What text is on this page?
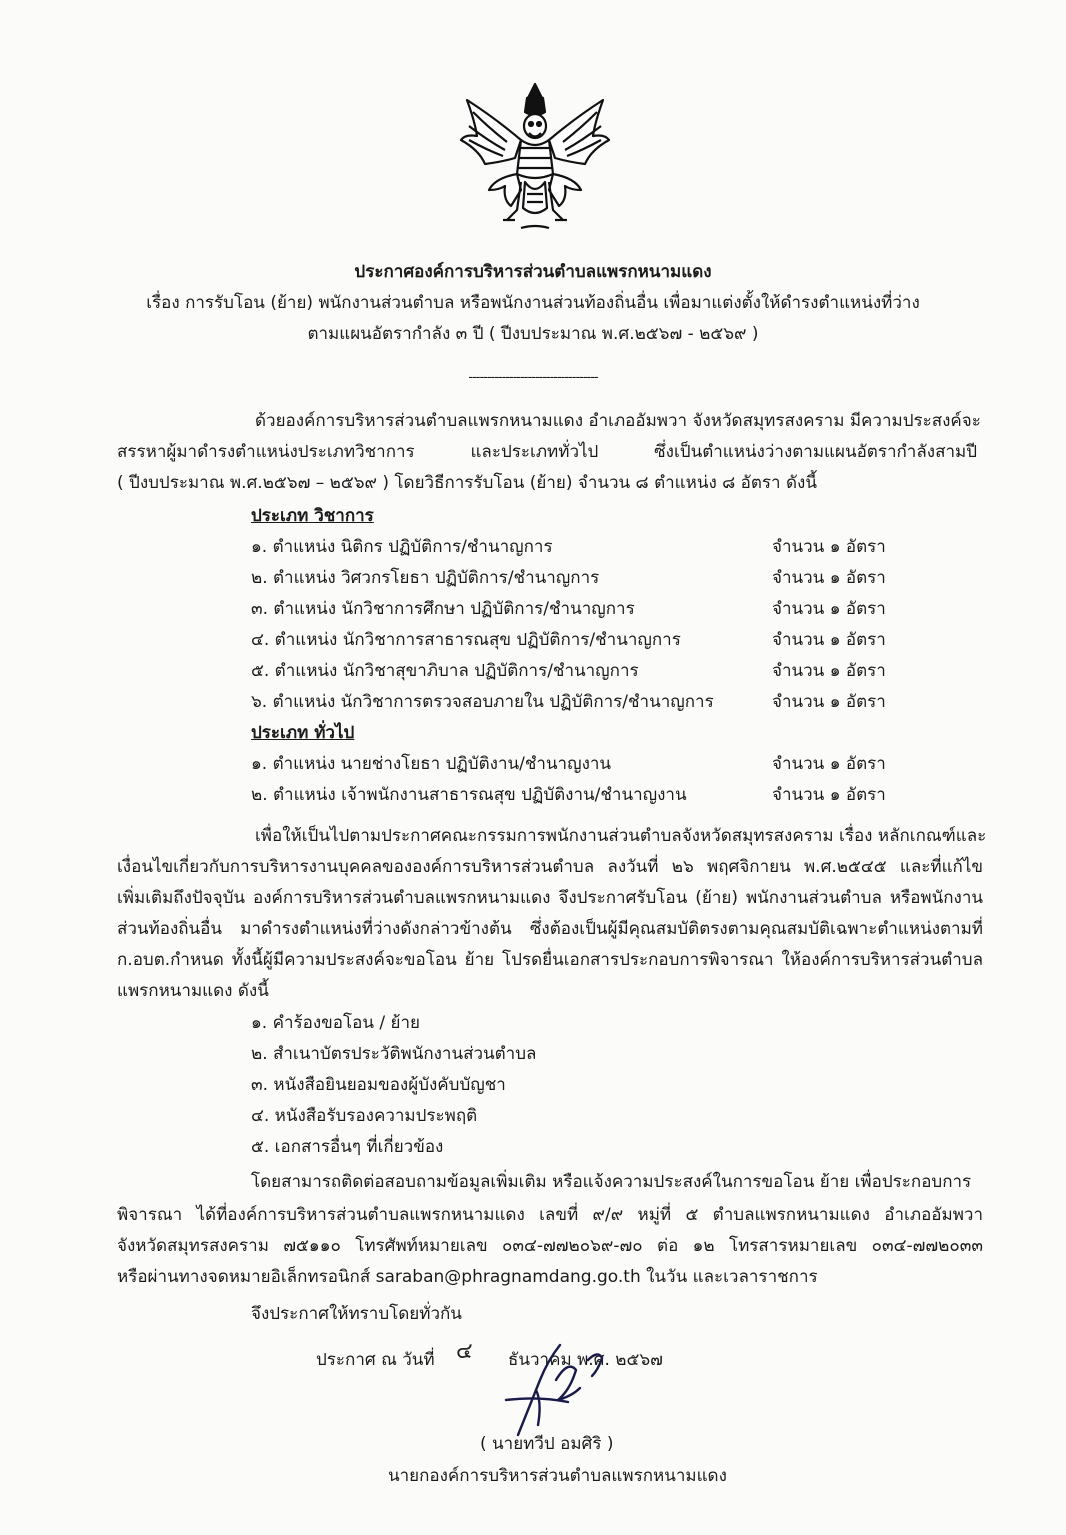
ประกาศองค์การบริหารส่วนตำบลแพรกหนามแดง
เรื่อง การรับโอน (ย้าย) พนักงานส่วนตำบล หรือพนักงานส่วนท้องถิ่นอื่น เพื่อมาแต่งตั้งให้ดำรงตำแหน่งที่ว่าง
ตามแผนอัตรากำลัง ๓ ปี ( ปีงบประมาณ พ.ศ.๒๕๖๗ - ๒๕๖๙ )
-----------------------------------
ด้วยองค์การบริหารส่วนตำบลแพรกหนามแดง อำเภออัมพวา จังหวัดสมุทรสงคราม มีความประสงค์จะ
สรรหาผู้มาดำรงตำแหน่งประเภทวิชาการ และประเภททั่วไป ซึ่งเป็นตำแหน่งว่างตามแผนอัตรากำลังสามปี
( ปีงบประมาณ พ.ศ.๒๕๖๗ – ๒๕๖๙ ) โดยวิธีการรับโอน (ย้าย) จำนวน ๘ ตำแหน่ง ๘ อัตรา ดังนี้
ประเภท วิชาการ
๑. ตำแหน่ง นิติกร ปฏิบัติการ/ชำนาญการ	จำนวน ๑ อัตรา
๒. ตำแหน่ง วิศวกรโยธา ปฏิบัติการ/ชำนาญการ	จำนวน ๑ อัตรา
๓. ตำแหน่ง นักวิชาการศึกษา ปฏิบัติการ/ชำนาญการ	จำนวน ๑ อัตรา
๔. ตำแหน่ง นักวิชาการสาธารณสุข ปฏิบัติการ/ชำนาญการ	จำนวน ๑ อัตรา
๕. ตำแหน่ง นักวิชาสุขาภิบาล ปฏิบัติการ/ชำนาญการ	จำนวน ๑ อัตรา
๖. ตำแหน่ง นักวิชาการตรวจสอบภายใน ปฏิบัติการ/ชำนาญการ	จำนวน ๑ อัตรา
ประเภท ทั่วไป
๑. ตำแหน่ง นายช่างโยธา ปฏิบัติงาน/ชำนาญงาน	จำนวน ๑ อัตรา
๒. ตำแหน่ง เจ้าพนักงานสาธารณสุข ปฏิบัติงาน/ชำนาญงาน	จำนวน ๑ อัตรา
เพื่อให้เป็นไปตามประกาศคณะกรรมการพนักงานส่วนตำบลจังหวัดสมุทรสงคราม เรื่อง หลักเกณฑ์และ
เงื่อนไขเกี่ยวกับการบริหารงานบุคคลขององค์การบริหารส่วนตำบล ลงวันที่ ๒๖ พฤศจิกายน พ.ศ.๒๕๔๕ และที่แก้ไข
เพิ่มเติมถึงปัจจุบัน องค์การบริหารส่วนตำบลแพรกหนามแดง จึงประกาศรับโอน (ย้าย) พนักงานส่วนตำบล หรือพนักงาน
ส่วนท้องถิ่นอื่น มาดำรงตำแหน่งที่ว่างดังกล่าวข้างต้น ซึ่งต้องเป็นผู้มีคุณสมบัติตรงตามคุณสมบัติเฉพาะตำแหน่งตามที่
ก.อบต.กำหนด ทั้งนี้ผู้มีความประสงค์จะขอโอน ย้าย โปรดยื่นเอกสารประกอบการพิจารณา ให้องค์การบริหารส่วนตำบล
แพรกหนามแดง ดังนี้
๑. คำร้องขอโอน / ย้าย
๒. สำเนาบัตรประวัติพนักงานส่วนตำบล
๓. หนังสือยินยอมของผู้บังคับบัญชา
๔. หนังสือรับรองความประพฤติ
๕. เอกสารอื่นๆ ที่เกี่ยวข้อง
โดยสามารถติดต่อสอบถามข้อมูลเพิ่มเติม หรือแจ้งความประสงค์ในการขอโอน ย้าย เพื่อประกอบการ
พิจารณา ได้ที่องค์การบริหารส่วนตำบลแพรกหนามแดง เลขที่ ๙/๙ หมู่ที่ ๕ ตำบลแพรกหนามแดง อำเภออัมพวา
จังหวัดสมุทรสงคราม ๗๕๑๑๐ โทรศัพท์หมายเลข ๐๓๔-๗๗๒๐๖๙-๗๐ ต่อ ๑๒ โทรสารหมายเลข ๐๓๔-๗๗๒๐๓๓
หรือผ่านทางจดหมายอิเล็กทรอนิกส์ saraban@phragnamdang.go.th ในวัน และเวลาราชการ
จึงประกาศให้ทราบโดยทั่วกัน
ประกาศ ณ วันที่ ๔ ธันวาคม พ.ศ. ๒๕๖๗
( นายทวีป อมศิริ )
นายกองค์การบริหารส่วนตำบลแพรกหนามแดง
